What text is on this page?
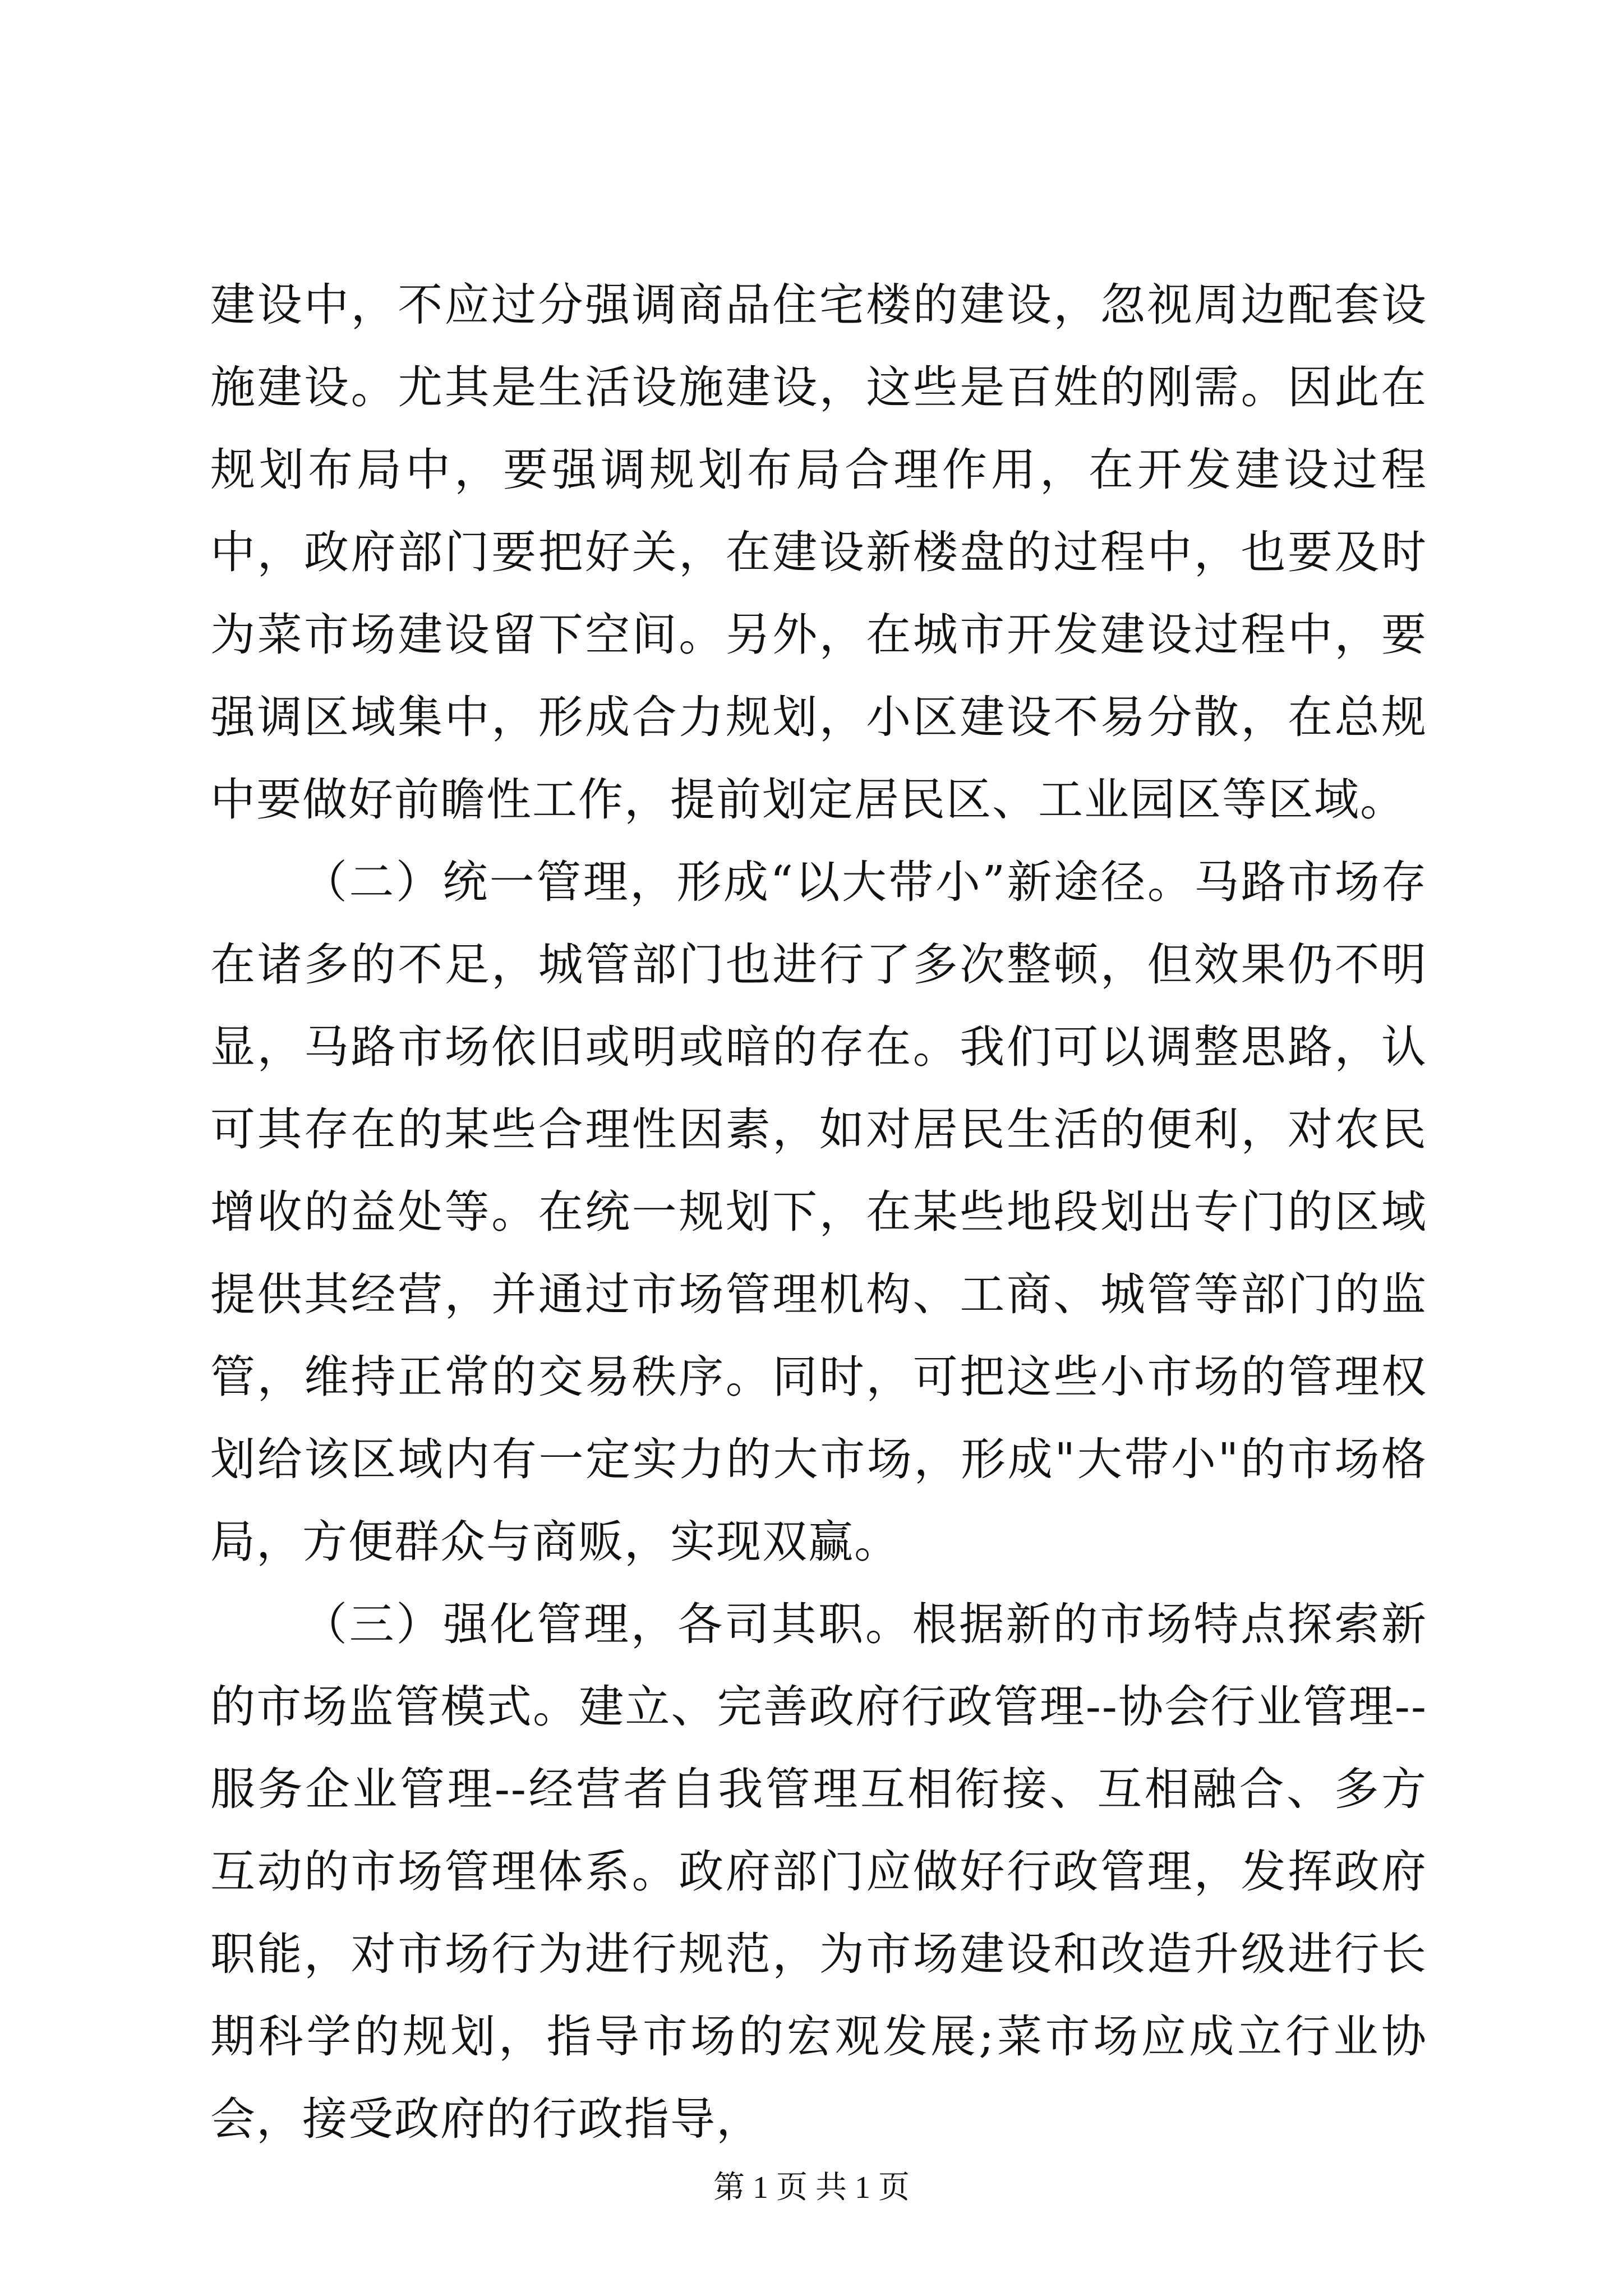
建设中，不应过分强调商品住宅楼的建设，忽视周边配套设施建设。尤其是生活设施建设，这些是百姓的刚需。因此在规划布局中，要强调规划布局合理作用，在开发建设过程中，政府部门要把好关，在建设新楼盘的过程中，也要及时为菜市场建设留下空间。另外，在城市开发建设过程中，要强调区域集中，形成合力规划，小区建设不易分散，在总规中要做好前瞻性工作，提前划定居民区、工业园区等区域。

（二）统一管理，形成“以大带小”新途径。马路市场存在诸多的不足，城管部门也进行了多次整顿，但效果仍不明显，马路市场依旧或明或暗的存在。我们可以调整思路，认可其存在的某些合理性因素，如对居民生活的便利，对农民增收的益处等。在统一规划下，在某些地段划出专门的区域提供其经营，并通过市场管理机构、工商、城管等部门的监管，维持正常的交易秩序。同时，可把这些小市场的管理权划给该区域内有一定实力的大市场，形成"大带小"的市场格局，方便群众与商贩，实现双赢。

（三）强化管理，各司其职。根据新的市场特点探索新的市场监管模式。建立、完善政府行政管理--协会行业管理--服务企业管理--经营者自我管理互相衔接、互相融合、多方互动的市场管理体系。政府部门应做好行政管理，发挥政府职能，对市场行为进行规范，为市场建设和改造升级进行长期科学的规划，指导市场的宏观发展;菜市场应成立行业协会，接受政府的行政指导，

第 1 页 共 1 页
